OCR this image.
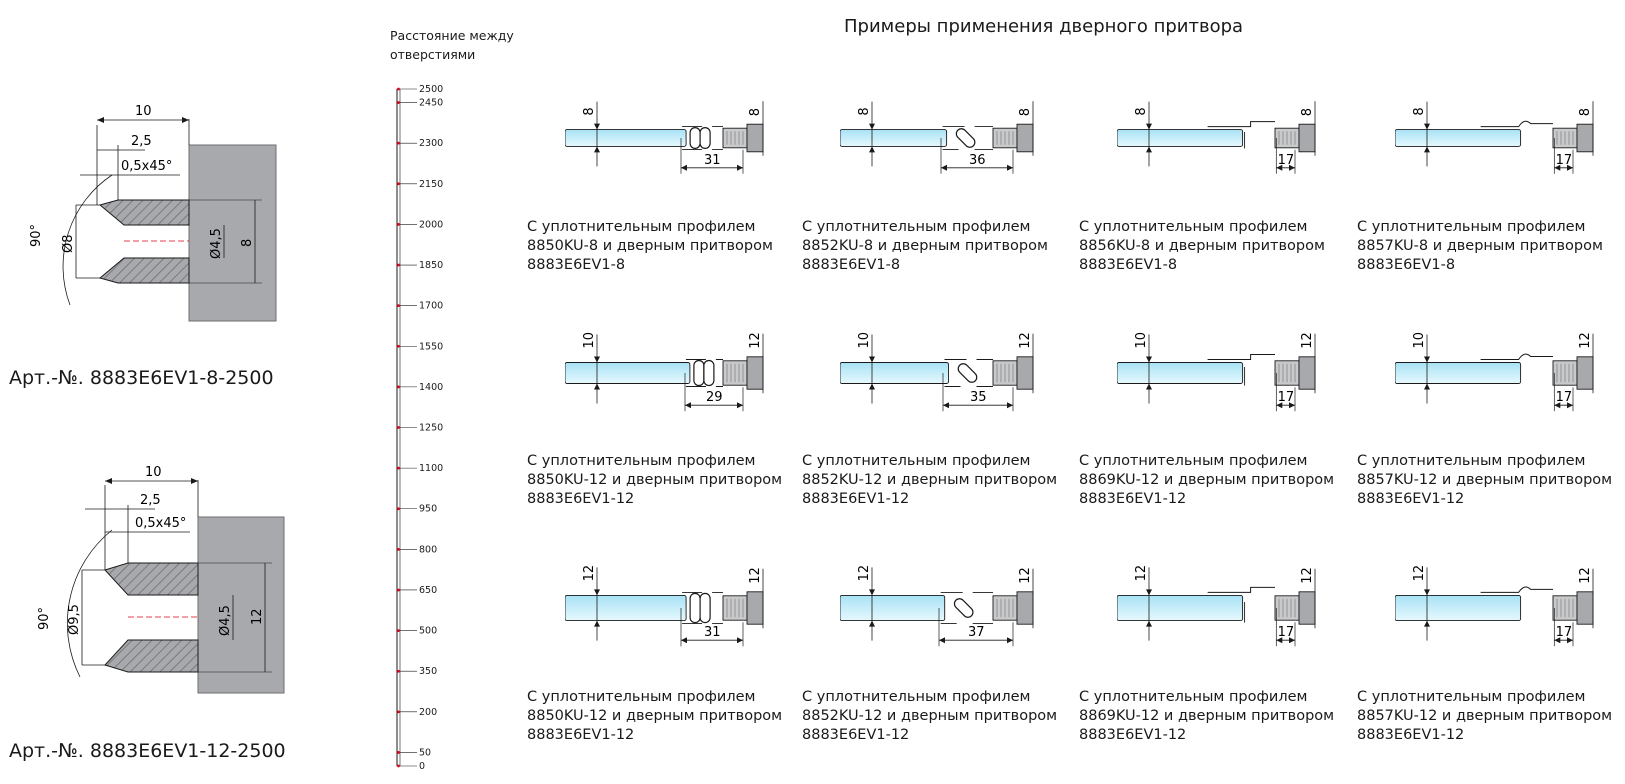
Примеры применения дверного притвора
Расстояние между
отверстиями
10
2,5
0,5x45°
90° Ø8	Ø4,5 8
Арт.-№. 8883E6EV1-8-2500
10
2,5
0,5x45°
90° Ø9,5	Ø4,5 12
Арт.-№. 8883E6EV1-12-2500
2500
2450
2300
2150
2000
1850
1700
1550
1400
1250
1100
950
800
650
500
350
200
50
0
8	8
31
С уплотнительным профилем
8850KU-8 и дверным притвором
8883E6EV1-8
8	8
36
С уплотнительным профилем
8852KU-8 и дверным притвором
8883E6EV1-8
8	8
17
С уплотнительным профилем
8856KU-8 и дверным притвором
8883E6EV1-8
8	8
17
С уплотнительным профилем
8857KU-8 и дверным притвором
8883E6EV1-8
10	12
29
С уплотнительным профилем
8850KU-12 и дверным притвором
8883E6EV1-12
10	12
35
С уплотнительным профилем
8852KU-12 и дверным притвором
8883E6EV1-12
10	12
17
С уплотнительным профилем
8869KU-12 и дверным притвором
8883E6EV1-12
10	12
17
С уплотнительным профилем
8857KU-12 и дверным притвором
8883E6EV1-12
12	12
31
С уплотнительным профилем
8850KU-12 и дверным притвором
8883E6EV1-12
12	12
37
С уплотнительным профилем
8852KU-12 и дверным притвором
8883E6EV1-12
12	12
17
С уплотнительным профилем
8869KU-12 и дверным притвором
8883E6EV1-12
12	12
17
С уплотнительным профилем
8857KU-12 и дверным притвором
8883E6EV1-12
